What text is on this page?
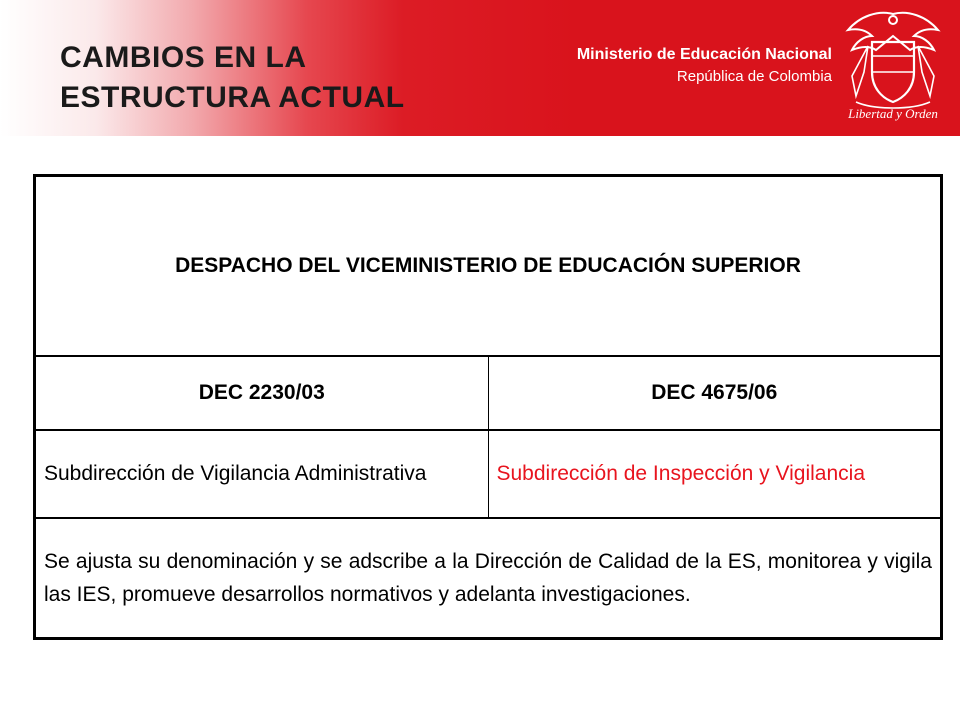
CAMBIOS EN LA
ESTRUCTURA ACTUAL
Ministerio de Educación Nacional
República de Colombia
Libertad y Orden
DESPACHO DEL VICEMINISTERIO DE EDUCACIÓN SUPERIOR	
DEC 2230/03	DEC 4675/06
Subdirección de Vigilancia Administrativa	Subdirección de Inspección y Vigilancia
Se ajusta su denominación y se adscribe a la Dirección de Calidad de la ES, monitorea y vigila las IES, promueve desarrollos normativos y adelanta investigaciones.	
